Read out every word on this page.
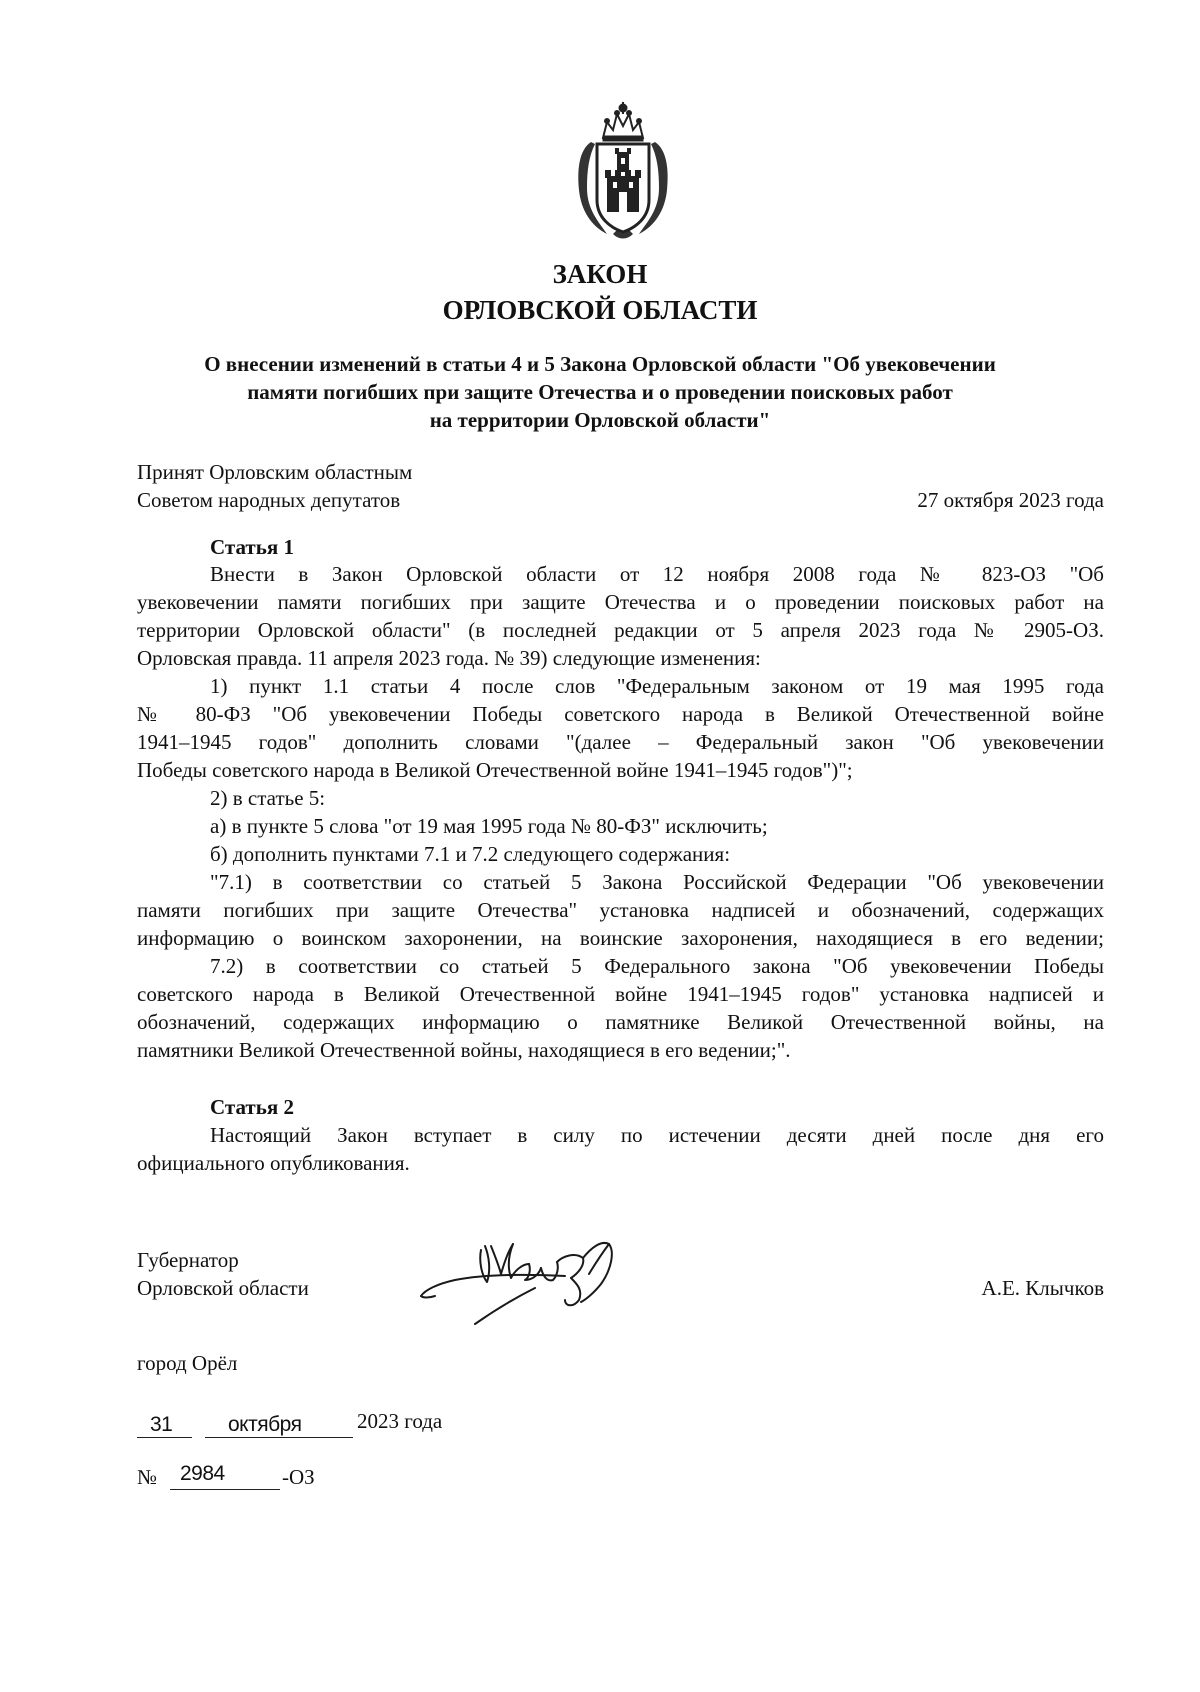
ЗАКОН
ОРЛОВСКОЙ ОБЛАСТИ
О внесении изменений в статьи 4 и 5 Закона Орловской области "Об увековечении
памяти погибших при защите Отечества и о проведении поисковых работ
на территории Орловской области"
Принят Орловским областным
Советом народных депутатов	27 октября 2023 года
Статья 1
Внести в Закон Орловской области от 12 ноября 2008 года № 823-ОЗ "Об
увековечении памяти погибших при защите Отечества и о проведении поисковых работ на
территории Орловской области" (в последней редакции от 5 апреля 2023 года № 2905-ОЗ.
Орловская правда. 11 апреля 2023 года. № 39) следующие изменения:
1) пункт 1.1 статьи 4 после слов "Федеральным законом от 19 мая 1995 года
№ 80-ФЗ "Об увековечении Победы советского народа в Великой Отечественной войне
1941–1945 годов" дополнить словами "(далее – Федеральный закон "Об увековечении
Победы советского народа в Великой Отечественной войне 1941–1945 годов")";
2) в статье 5:
а) в пункте 5 слова "от 19 мая 1995 года № 80-ФЗ" исключить;
б) дополнить пунктами 7.1 и 7.2 следующего содержания:
"7.1) в соответствии со статьей 5 Закона Российской Федерации "Об увековечении
памяти погибших при защите Отечества" установка надписей и обозначений, содержащих
информацию о воинском захоронении, на воинские захоронения, находящиеся в его ведении;
7.2) в соответствии со статьей 5 Федерального закона "Об увековечении Победы
советского народа в Великой Отечественной войне 1941–1945 годов" установка надписей и
обозначений, содержащих информацию о памятнике Великой Отечественной войны, на
памятники Великой Отечественной войны, находящиеся в его ведении;".
Статья 2
Настоящий Закон вступает в силу по истечении десяти дней после дня его
официального опубликования.
Губернатор
Орловской области	А.Е. Клычков
город Орёл
31	октября	2023 года
№ 2984	-ОЗ
